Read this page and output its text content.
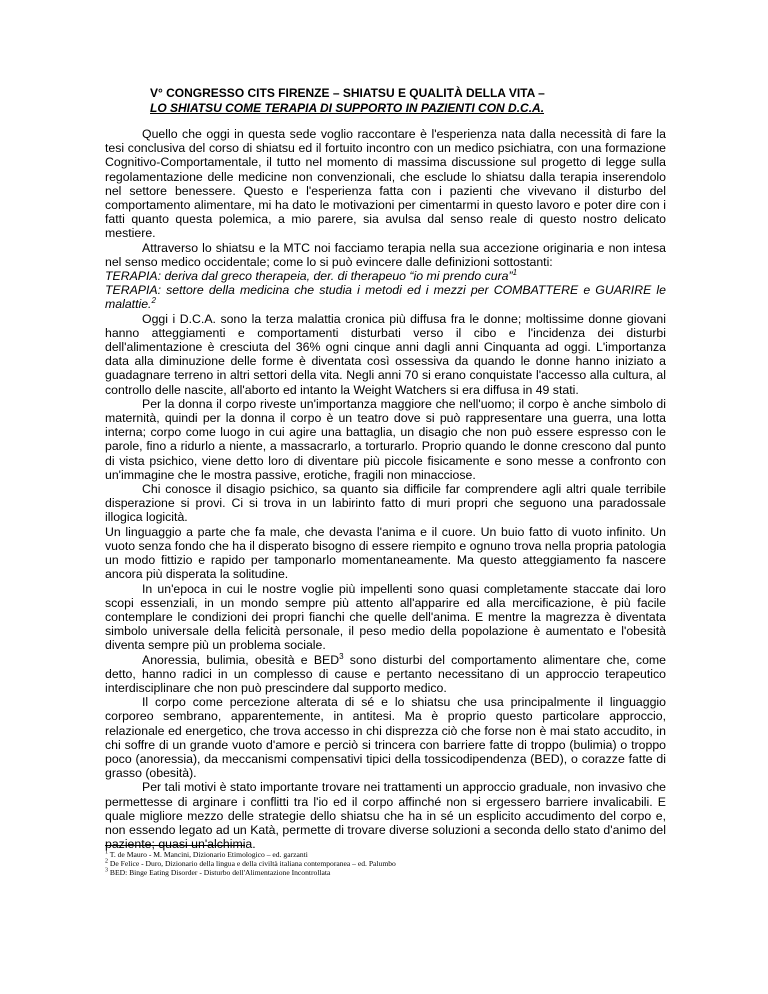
V° CONGRESSO CITS FIRENZE – SHIATSU E QUALITÀ DELLA VITA –
LO SHIATSU COME TERAPIA DI SUPPORTO IN PAZIENTI CON D.C.A.

Quello che oggi in questa sede voglio raccontare è l'esperienza nata dalla necessità di fare la tesi conclusiva del corso di shiatsu ed il fortuito incontro con un medico psichiatra, con una formazione Cognitivo-Comportamentale, il tutto nel momento di massima discussione sul progetto di legge sulla regolamentazione delle medicine non convenzionali, che esclude lo shiatsu dalla terapia inserendolo nel settore benessere. Questo e l'esperienza fatta con i pazienti che vivevano il disturbo del comportamento alimentare, mi ha dato le motivazioni per cimentarmi in questo lavoro e poter dire con i fatti quanto questa polemica, a mio parere, sia avulsa dal senso reale di questo nostro delicato mestiere.

Attraverso lo shiatsu e la MTC noi facciamo terapia nella sua accezione originaria e non intesa nel senso medico occidentale; come lo si può evincere dalle definizioni sottostanti:

TERAPIA: deriva dal greco therapeia, der. di therapeuo “io mi prendo cura”$^1$

TERAPIA: settore della medicina che studia i metodi ed i mezzi per COMBATTERE e GUARIRE le malattie.$^2$

Oggi i D.C.A. sono la terza malattia cronica più diffusa fra le donne; moltissime donne giovani hanno atteggiamenti e comportamenti disturbati verso il cibo e l'incidenza dei disturbi dell'alimentazione è cresciuta del 36% ogni cinque anni dagli anni Cinquanta ad oggi. L'importanza data alla diminuzione delle forme è diventata così ossessiva da quando le donne hanno iniziato a guadagnare terreno in altri settori della vita. Negli anni 70 si erano conquistate l'accesso alla cultura, al controllo delle nascite, all'aborto ed intanto la Weight Watchers si era diffusa in 49 stati.

Per la donna il corpo riveste un'importanza maggiore che nell'uomo; il corpo è anche simbolo di maternità, quindi per la donna il corpo è un teatro dove si può rappresentare una guerra, una lotta interna; corpo come luogo in cui agire una battaglia, un disagio che non può essere espresso con le parole, fino a ridurlo a niente, a massacrarlo, a torturarlo. Proprio quando le donne crescono dal punto di vista psichico, viene detto loro di diventare più piccole fisicamente e sono messe a confronto con un'immagine che le mostra passive, erotiche, fragili non minacciose.

Chi conosce il disagio psichico, sa quanto sia difficile far comprendere agli altri quale terribile disperazione si provi. Ci si trova in un labirinto fatto di muri propri che seguono una paradossale illogica logicità.

Un linguaggio a parte che fa male, che devasta l'anima e il cuore. Un buio fatto di vuoto infinito. Un vuoto senza fondo che ha il disperato bisogno di essere riempito e ognuno trova nella propria patologia un modo fittizio e rapido per tamponarlo momentaneamente. Ma questo atteggiamento fa nascere ancora più disperata la solitudine.

In un'epoca in cui le nostre voglie più impellenti sono quasi completamente staccate dai loro scopi essenziali, in un mondo sempre più attento all'apparire ed alla mercificazione, è più facile contemplare le condizioni dei propri fianchi che quelle dell'anima. E mentre la magrezza è diventata simbolo universale della felicità personale, il peso medio della popolazione è aumentato e l'obesità diventa sempre più un problema sociale.

Anoressia, bulimia, obesità e BED$^3$ sono disturbi del comportamento alimentare che, come detto, hanno radici in un complesso di cause e pertanto necessitano di un approccio terapeutico interdisciplinare che non può prescindere dal supporto medico.

Il corpo come percezione alterata di sé e lo shiatsu che usa principalmente il linguaggio corporeo sembrano, apparentemente, in antitesi. Ma è proprio questo particolare approccio, relazionale ed energetico, che trova accesso in chi disprezza ciò che forse non è mai stato accudito, in chi soffre di un grande vuoto d'amore e perciò si trincera con barriere fatte di troppo (bulimia) o troppo poco (anoressia), da meccanismi compensativi tipici della tossicodipendenza (BED), o corazze fatte di grasso (obesità).

Per tali motivi è stato importante trovare nei trattamenti un approccio graduale, non invasivo che permettesse di arginare i conflitti tra l'io ed il corpo affinché non si ergessero barriere invalicabili. E quale migliore mezzo delle strategie dello shiatsu che ha in sé un esplicito accudimento del corpo e, non essendo legato ad un Katà, permette di trovare diverse soluzioni a seconda dello stato d'animo del paziente; quasi un'alchimia.

$^1$ T. de Mauro - M. Mancini, Dizionario Etimologico – ed. garzanti
$^2$ De Felice - Duro, Dizionario della lingua e della civiltà italiana contemporanea – ed. Palumbo
$^3$ BED: Binge Eating Disorder - Disturbo dell'Alimentazione Incontrollata
